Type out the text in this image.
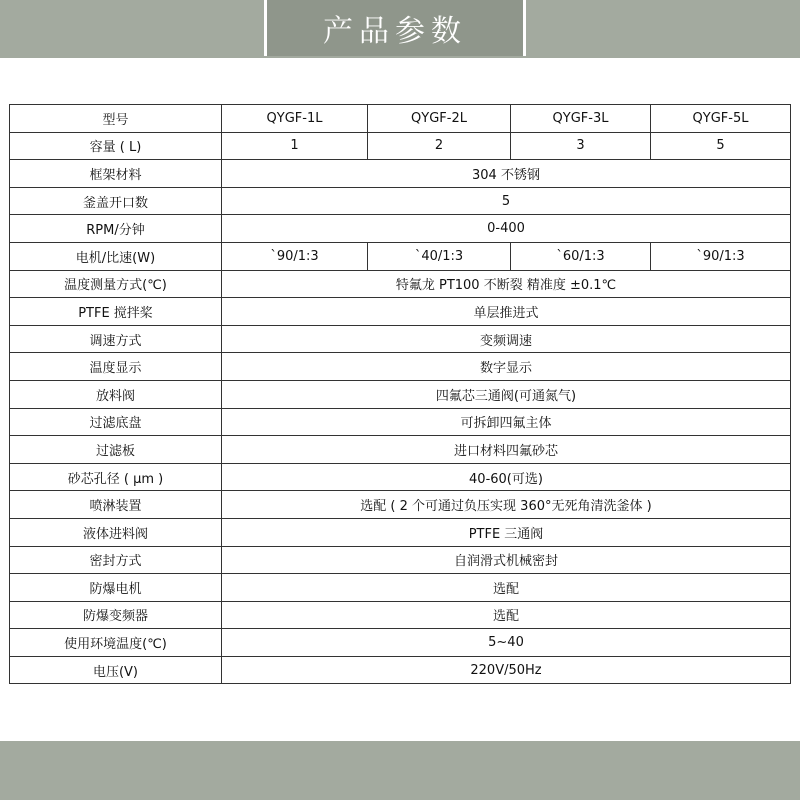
产品参数
型号	QYGF-1L	QYGF-2L	QYGF-3L	QYGF-5L
容量 ( L)	1	2	3	5
框架材料	304 不锈钢			
釜盖开口数	5			
RPM/分钟	0-400			
电机/比速(W)	`90/1:3	`40/1:3	`60/1:3	`90/1:3
温度测量方式(℃)	特氟龙 PT100 不断裂 精准度 ±0.1℃			
PTFE 搅拌桨	单层推进式			
调速方式	变频调速			
温度显示	数字显示			
放料阀	四氟芯三通阀(可通氮气)			
过滤底盘	可拆卸四氟主体			
过滤板	进口材料四氟砂芯			
砂芯孔径 ( μm )	40-60(可选)			
喷淋装置	选配 ( 2 个可通过负压实现 360°无死角清洗釜体 )			
液体进料阀	PTFE 三通阀			
密封方式	自润滑式机械密封			
防爆电机	选配			
防爆变频器	选配			
使用环境温度(℃)	5~40			
电压(V)	220V/50Hz			
